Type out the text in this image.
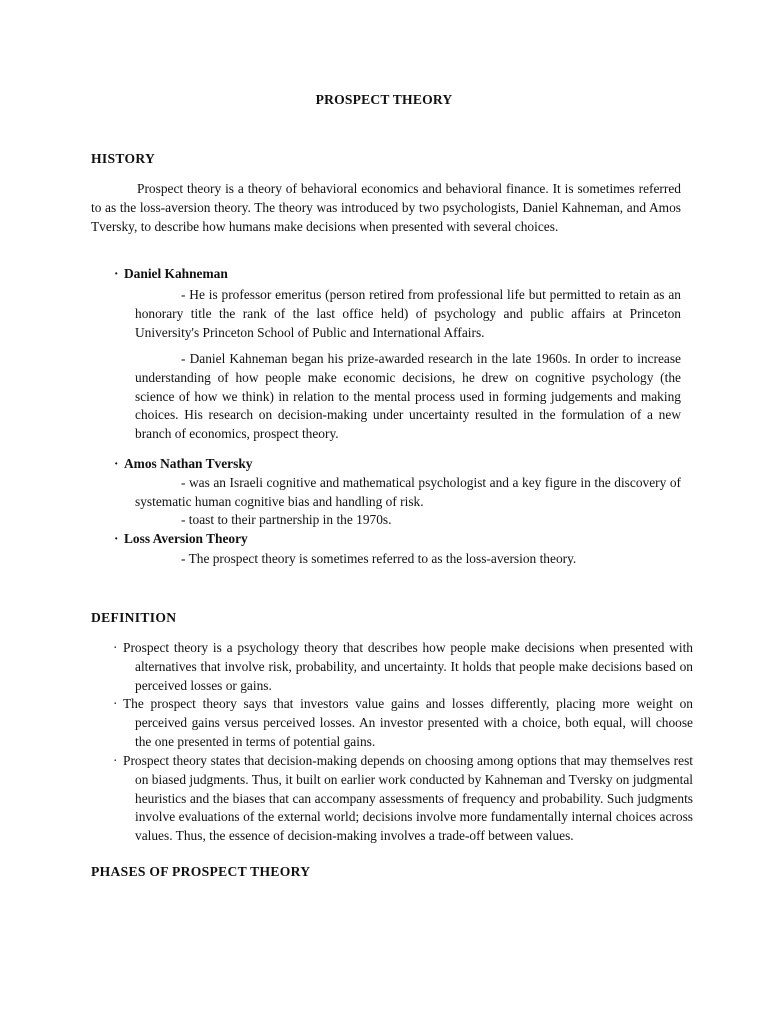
PROSPECT THEORY
HISTORY

Prospect theory is a theory of behavioral economics and behavioral finance. It is sometimes referred to as the loss-aversion theory. The theory was introduced by two psychologists, Daniel Kahneman, and Amos Tversky, to describe how humans make decisions when presented with several choices.

· Daniel Kahneman

- He is professor emeritus (person retired from professional life but permitted to retain as an honorary title the rank of the last office held) of psychology and public affairs at Princeton University's Princeton School of Public and International Affairs.

- Daniel Kahneman began his prize-awarded research in the late 1960s. In order to increase understanding of how people make economic decisions, he drew on cognitive psychology (the science of how we think) in relation to the mental process used in forming judgements and making choices. His research on decision-making under uncertainty resulted in the formulation of a new branch of economics, prospect theory.

· Amos Nathan Tversky

- was an Israeli cognitive and mathematical psychologist and a key figure in the discovery of systematic human cognitive bias and handling of risk.

- toast to their partnership in the 1970s.

· Loss Aversion Theory

- The prospect theory is sometimes referred to as the loss-aversion theory.

DEFINITION
· Prospect theory is a psychology theory that describes how people make decisions when presented with alternatives that involve risk, probability, and uncertainty. It holds that people make decisions based on perceived losses or gains.

· The prospect theory says that investors value gains and losses differently, placing more weight on perceived gains versus perceived losses. An investor presented with a choice, both equal, will choose the one presented in terms of potential gains.

· Prospect theory states that decision-making depends on choosing among options that may themselves rest on biased judgments. Thus, it built on earlier work conducted by Kahneman and Tversky on judgmental heuristics and the biases that can accompany assessments of frequency and probability. Such judgments involve evaluations of the external world; decisions involve more fundamentally internal choices across values. Thus, the essence of decision-making involves a trade-off between values.

PHASES OF PROSPECT THEORY
